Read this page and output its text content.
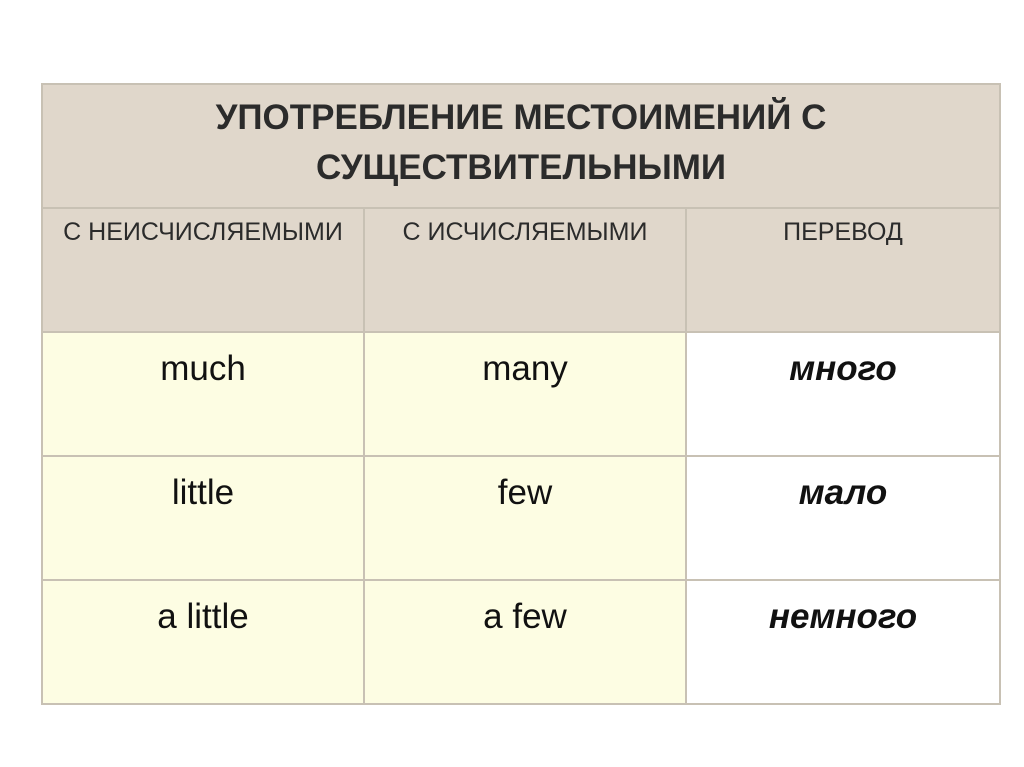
УПОТРЕБЛЕНИЕ МЕСТОИМЕНИЙ С
СУЩЕСТВИТЕЛЬНЫМИ		

С НЕИСЧИСЛЯЕМЫМИ	С ИСЧИСЛЯЕМЫМИ	ПЕРЕВОД
much	many	много
little	few	мало
a little	a few	немного
